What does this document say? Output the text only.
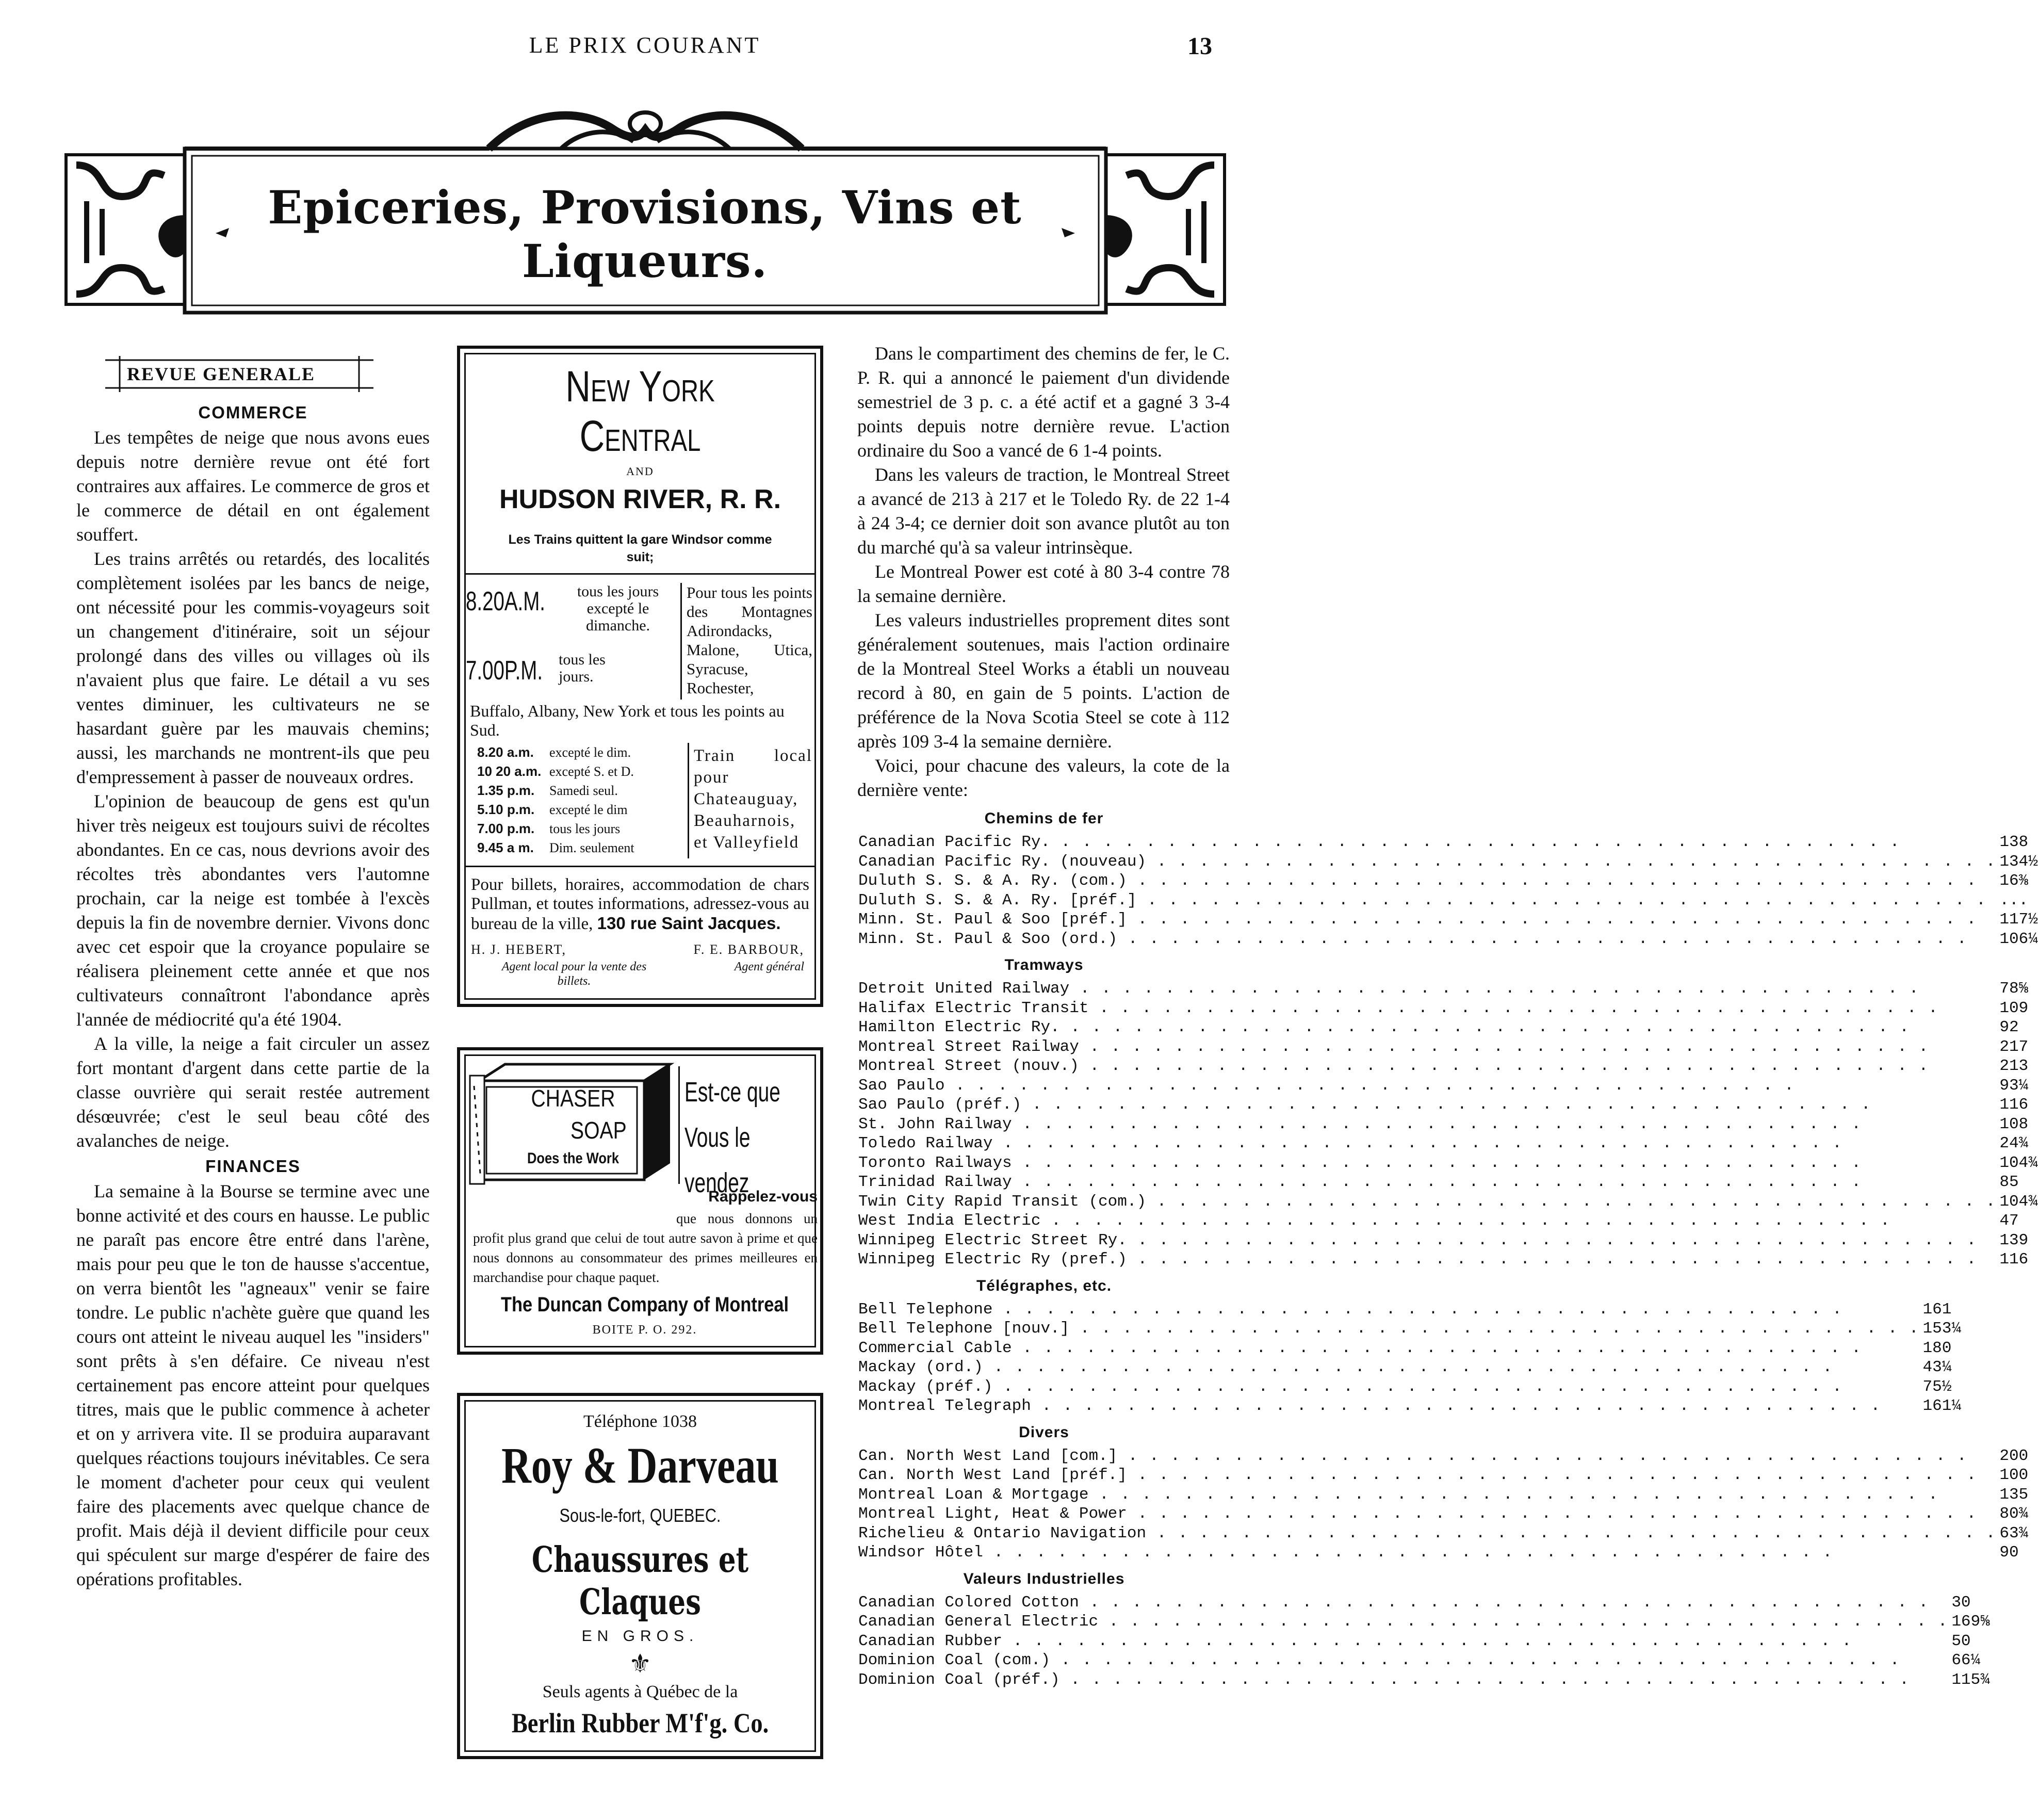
LE PRIX COURANT	13
Epiceries, Provisions, Vins et Liqueurs.
REVUE GENERALE
COMMERCE

Les tempêtes de neige que nous avons eues depuis notre dernière revue ont été fort contraires aux affaires. Le commerce de gros et le commerce de détail en ont également souffert.

Les trains arrêtés ou retardés, des localités complètement isolées par les bancs de neige, ont nécessité pour les commis-voyageurs soit un changement d'itinéraire, soit un séjour prolongé dans des villes ou villages où ils n'avaient plus que faire. Le détail a vu ses ventes diminuer, les cultivateurs ne se hasardant guère par les mauvais chemins; aussi, les marchands ne montrent-ils que peu d'empressement à passer de nouveaux ordres.

L'opinion de beaucoup de gens est qu'un hiver très neigeux est toujours suivi de récoltes abondantes. En ce cas, nous devrions avoir des récoltes très abondantes vers l'automne prochain, car la neige est tombée à l'excès depuis la fin de novembre dernier. Vivons donc avec cet espoir que la croyance populaire se réalisera pleinement cette année et que nos cultivateurs connaîtront l'abondance après l'année de médiocrité qu'a été 1904.

A la ville, la neige a fait circuler un assez fort montant d'argent dans cette partie de la classe ouvrière qui serait restée autrement désœuvrée; c'est le seul beau côté des avalanches de neige.

FINANCES

La semaine à la Bourse se termine avec une bonne activité et des cours en hausse. Le public ne paraît pas encore être entré dans l'arène, mais pour peu que le ton de hausse s'accentue, on verra bientôt les "agneaux" venir se faire tondre. Le public n'achète guère que quand les cours ont atteint le niveau auquel les "insiders" sont prêts à s'en défaire. Ce niveau n'est certainement pas encore atteint pour quelques titres, mais que le public commence à acheter et on y arrivera vite. Il se produira auparavant quelques réactions toujours inévitables. Ce sera le moment d'acheter pour ceux qui veulent faire des placements avec quelque chance de profit. Mais déjà il devient difficile pour ceux qui spéculent sur marge d'espérer de faire des opérations profitables.

New York Central
AND
HUDSON RIVER, R. R.
Les Trains quittent la gare Windsor comme suit;
8.20A.M.	tous les jours excepté le dimanche.
7.00P.M. tous les jours.
Pour tous les points des Montagnes Adirondacks, Malone, Utica, Syracuse, Rochester,
Buffalo, Albany, New York et tous les points au Sud.
8.20 a.m.	excepté le dim.
10 20 a.m. excepté S. et D.
1.35 p.m.	Samedi seul.
5.10 p.m.	excepté le dim
7.00 p.m.	tous les jours
9.45 a m.	Dim. seulement
Train local pour Chateauguay, Beauharnois, et Valleyfield
Pour billets, horaires, accommodation de chars Pullman, et toutes informations, adressez-vous au bureau de la ville, 130 rue Saint Jacques.
H. J. HEBERT,	F. E. BARBOUR,
Agent local pour la vente des billets.
Agent général
CHASER
SOAP
Does the Work
Est-ce que Vous le vendez
Rappelez-vous
que nous donnons un profit plus grand que celui de tout autre savon à prime et que nous donnons au consommateur des primes meilleures en marchandise pour chaque paquet.
The Duncan Company of Montreal
BOITE P. O. 292.
Téléphone 1038
Roy & Darveau
Sous-le-fort, QUEBEC.
Chaussures et Claques
EN GROS.
⚜
Seuls agents à Québec de la
Berlin Rubber M'f'g. Co.

Dans le compartiment des chemins de fer, le C. P. R. qui a annoncé le paiement d'un dividende semestriel de 3 p. c. a été actif et a gagné 3 3-4 points depuis notre dernière revue. L'action ordinaire du Soo a vancé de 6 1-4 points.

Dans les valeurs de traction, le Montreal Street a avancé de 213 à 217 et le Toledo Ry. de 22 1-4 à 24 3-4; ce dernier doit son avance plutôt au ton du marché qu'à sa valeur intrinsèque.

Le Montreal Power est coté à 80 3-4 contre 78 la semaine dernière.

Les valeurs industrielles proprement dites sont généralement soutenues, mais l'action ordinaire de la Montreal Steel Works a établi un nouveau record à 80, en gain de 5 points. L'action de préférence de la Nova Scotia Steel se cote à 112 après 109 3-4 la semaine dernière.

Voici, pour chacune des valeurs, la cote de la dernière vente:

Chemins de fer
Canadian Pacific Ry. . . . . . . . . . . . . . . . . . . . . . . . . . . . . . . . . . . . . . . . .	138

Canadian Pacific Ry. (nouveau) . . . . . . . . . . . . . . . . . . . . . . . . . . . . . . . . . . . . . . . .	134½

Duluth S. S. & A. Ry. (com.) . . . . . . . . . . . . . . . . . . . . . . . . . . . . . . . . . . . . . . . .	16⅜

Duluth S. S. & A. Ry. [préf.] . . . . . . . . . . . . . . . . . . . . . . . . . . . . . . . . . . . . . . . .	...

Minn. St. Paul & Soo [préf.] . . . . . . . . . . . . . . . . . . . . . . . . . . . . . . . . . . . . . . . .	117½

Minn. St. Paul & Soo (ord.) . . . . . . . . . . . . . . . . . . . . . . . . . . . . . . . . . . . . . . . .	106¼
Tramways
Detroit United Railway . . . . . . . . . . . . . . . . . . . . . . . . . . . . . . . . . . . . . . . .	78⅝

Halifax Electric Transit . . . . . . . . . . . . . . . . . . . . . . . . . . . . . . . . . . . . . . . .	109

Hamilton Electric Ry. . . . . . . . . . . . . . . . . . . . . . . . . . . . . . . . . . . . . . . . .	92

Montreal Street Railway . . . . . . . . . . . . . . . . . . . . . . . . . . . . . . . . . . . . . . . .	217

Montreal Street (nouv.) . . . . . . . . . . . . . . . . . . . . . . . . . . . . . . . . . . . . . . . .	213

Sao Paulo . . . . . . . . . . . . . . . . . . . . . . . . . . . . . . . . . . . . . . . .	93¼

Sao Paulo (préf.) . . . . . . . . . . . . . . . . . . . . . . . . . . . . . . . . . . . . . . . .	116

St. John Railway . . . . . . . . . . . . . . . . . . . . . . . . . . . . . . . . . . . . . . . .	108

Toledo Railway . . . . . . . . . . . . . . . . . . . . . . . . . . . . . . . . . . . . . . . .	24¾

Toronto Railways . . . . . . . . . . . . . . . . . . . . . . . . . . . . . . . . . . . . . . . .	104¾

Trinidad Railway . . . . . . . . . . . . . . . . . . . . . . . . . . . . . . . . . . . . . . . .	85

Twin City Rapid Transit (com.) . . . . . . . . . . . . . . . . . . . . . . . . . . . . . . . . . . . . . . . .	104¾

West India Electric . . . . . . . . . . . . . . . . . . . . . . . . . . . . . . . . . . . . . . . .	47

Winnipeg Electric Street Ry. . . . . . . . . . . . . . . . . . . . . . . . . . . . . . . . . . . . . . . . .	139

Winnipeg Electric Ry (pref.) . . . . . . . . . . . . . . . . . . . . . . . . . . . . . . . . . . . . . . . .	116
Télégraphes, etc.
Bell Telephone . . . . . . . . . . . . . . . . . . . . . . . . . . . . . . . . . . . . . . . .	161

Bell Telephone [nouv.] . . . . . . . . . . . . . . . . . . . . . . . . . . . . . . . . . . . . . . . .	153¼

Commercial Cable . . . . . . . . . . . . . . . . . . . . . . . . . . . . . . . . . . . . . . . .	180

Mackay (ord.) . . . . . . . . . . . . . . . . . . . . . . . . . . . . . . . . . . . . . . . .	43¼

Mackay (préf.) . . . . . . . . . . . . . . . . . . . . . . . . . . . . . . . . . . . . . . . .	75½

Montreal Telegraph . . . . . . . . . . . . . . . . . . . . . . . . . . . . . . . . . . . . . . . .	161¼
Divers
Can. North West Land [com.] . . . . . . . . . . . . . . . . . . . . . . . . . . . . . . . . . . . . . . . .	200

Can. North West Land [préf.] . . . . . . . . . . . . . . . . . . . . . . . . . . . . . . . . . . . . . . . .	100

Montreal Loan & Mortgage . . . . . . . . . . . . . . . . . . . . . . . . . . . . . . . . . . . . . . . .	135

Montreal Light, Heat & Power . . . . . . . . . . . . . . . . . . . . . . . . . . . . . . . . . . . . . . . .	80¾

Richelieu & Ontario Navigation . . . . . . . . . . . . . . . . . . . . . . . . . . . . . . . . . . . . . . . .	63¾

Windsor Hôtel . . . . . . . . . . . . . . . . . . . . . . . . . . . . . . . . . . . . . . . .	90
Valeurs Industrielles
Canadian Colored Cotton . . . . . . . . . . . . . . . . . . . . . . . . . . . . . . . . . . . . . . . .	30

Canadian General Electric . . . . . . . . . . . . . . . . . . . . . . . . . . . . . . . . . . . . . . . .	169⅝

Canadian Rubber . . . . . . . . . . . . . . . . . . . . . . . . . . . . . . . . . . . . . . . .	50

Dominion Coal (com.) . . . . . . . . . . . . . . . . . . . . . . . . . . . . . . . . . . . . . . . .	66¼

Dominion Coal (préf.) . . . . . . . . . . . . . . . . . . . . . . . . . . . . . . . . . . . . . . . .	115¾
